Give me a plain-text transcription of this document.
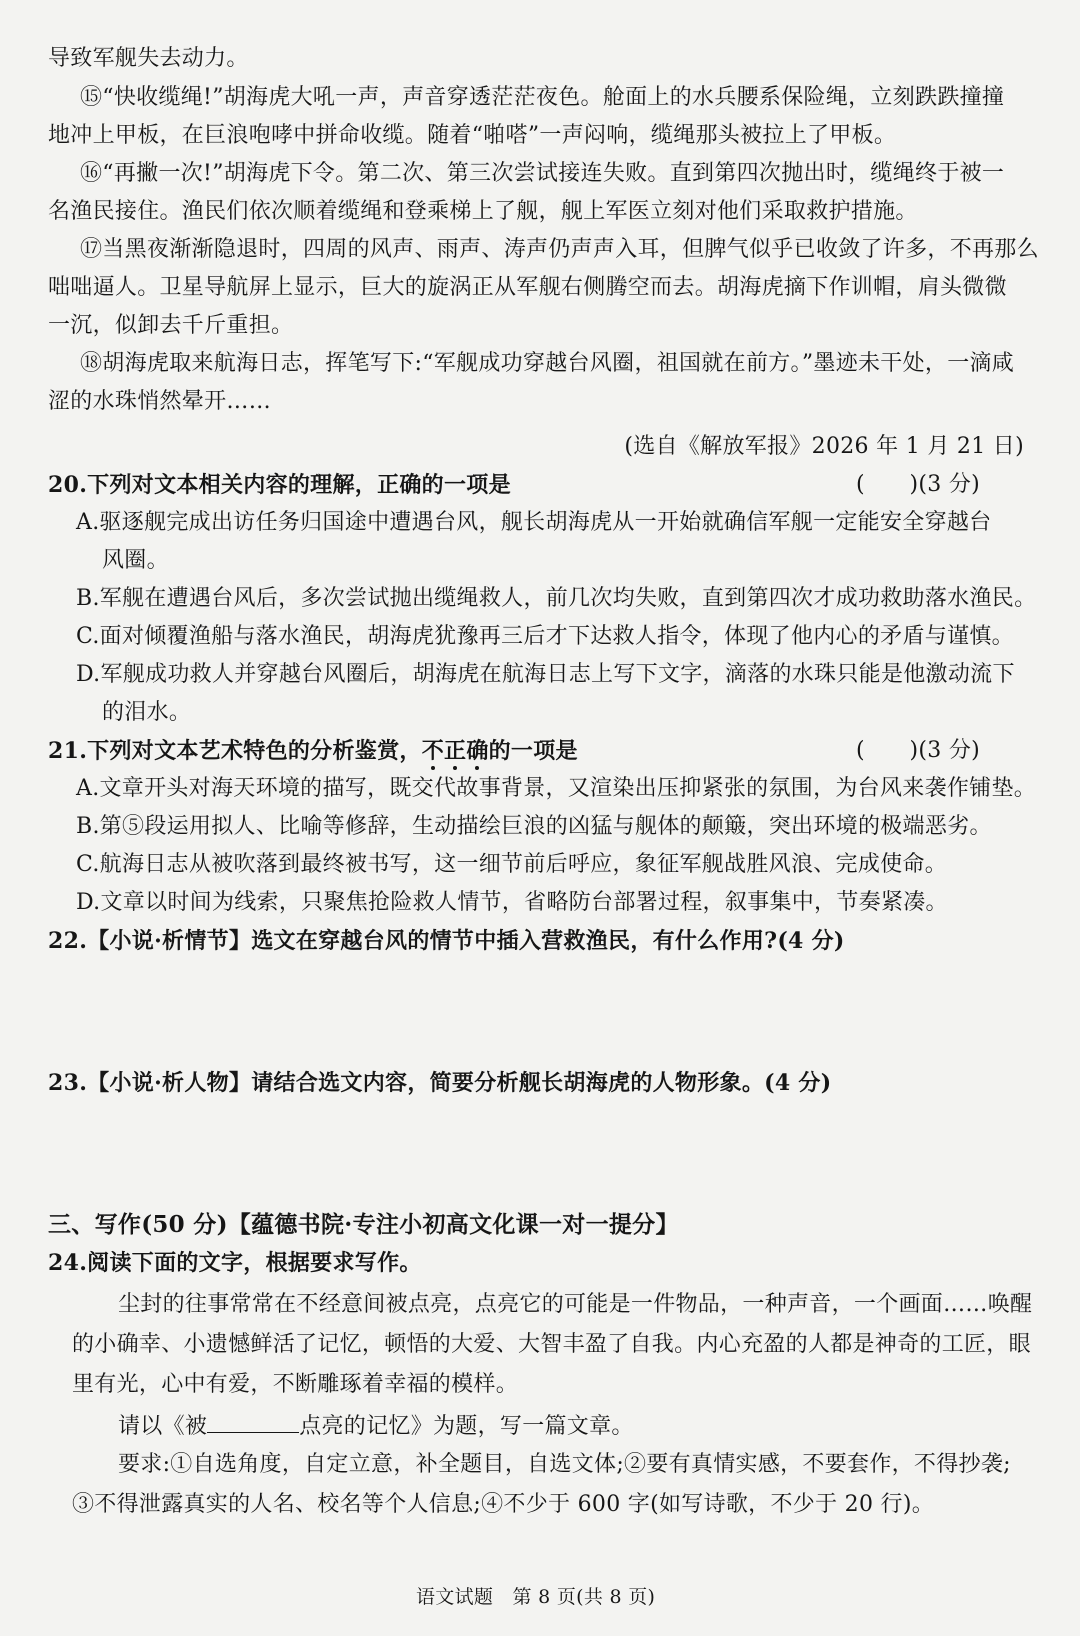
导致军舰失去动力。
⑮“快收缆绳!”胡海虎大吼一声，声音穿透茫茫夜色。舱面上的水兵腰系保险绳，立刻跌跌撞撞
地冲上甲板，在巨浪咆哮中拼命收缆。随着“啪嗒”一声闷响，缆绳那头被拉上了甲板。
⑯“再撇一次!”胡海虎下令。第二次、第三次尝试接连失败。直到第四次抛出时，缆绳终于被一
名渔民接住。渔民们依次顺着缆绳和登乘梯上了舰，舰上军医立刻对他们采取救护措施。
⑰当黑夜渐渐隐退时，四周的风声、雨声、涛声仍声声入耳，但脾气似乎已收敛了许多，不再那么
咄咄逼人。卫星导航屏上显示，巨大的旋涡正从军舰右侧腾空而去。胡海虎摘下作训帽，肩头微微
一沉，似卸去千斤重担。
⑱胡海虎取来航海日志，挥笔写下:“军舰成功穿越台风圈，祖国就在前方。”墨迹未干处，一滴咸
涩的水珠悄然晕开……
(选自《解放军报》2026 年 1 月 21 日)
20.下列对文本相关内容的理解，正确的一项是	(　　)(3 分)
A.驱逐舰完成出访任务归国途中遭遇台风，舰长胡海虎从一开始就确信军舰一定能安全穿越台
风圈。
B.军舰在遭遇台风后，多次尝试抛出缆绳救人，前几次均失败，直到第四次才成功救助落水渔民。
C.面对倾覆渔船与落水渔民，胡海虎犹豫再三后才下达救人指令，体现了他内心的矛盾与谨慎。
D.军舰成功救人并穿越台风圈后，胡海虎在航海日志上写下文字，滴落的水珠只能是他激动流下
的泪水。
21.下列对文本艺术特色的分析鉴赏，不正确的一项是	(　　)(3 分)
A.文章开头对海天环境的描写，既交代故事背景，又渲染出压抑紧张的氛围，为台风来袭作铺垫。
B.第⑤段运用拟人、比喻等修辞，生动描绘巨浪的凶猛与舰体的颠簸，突出环境的极端恶劣。
C.航海日志从被吹落到最终被书写，这一细节前后呼应，象征军舰战胜风浪、完成使命。
D.文章以时间为线索，只聚焦抢险救人情节，省略防台部署过程，叙事集中，节奏紧凑。
22.【小说·析情节】选文在穿越台风的情节中插入营救渔民，有什么作用?(4 分)
23.【小说·析人物】请结合选文内容，简要分析舰长胡海虎的人物形象。(4 分)
三、写作(50 分)【蕴德书院·专注小初高文化课一对一提分】
24.阅读下面的文字，根据要求写作。
尘封的往事常常在不经意间被点亮，点亮它的可能是一件物品，一种声音，一个画面……唤醒
的小确幸、小遗憾鲜活了记忆，顿悟的大爱、大智丰盈了自我。内心充盈的人都是神奇的工匠，眼
里有光，心中有爱，不断雕琢着幸福的模样。
请以《被	点亮的记忆》为题，写一篇文章。
要求:①自选角度，自定立意，补全题目，自选文体;②要有真情实感，不要套作，不得抄袭;
③不得泄露真实的人名、校名等个人信息;④不少于 600 字(如写诗歌，不少于 20 行)。
语文试题　第 8 页(共 8 页)
